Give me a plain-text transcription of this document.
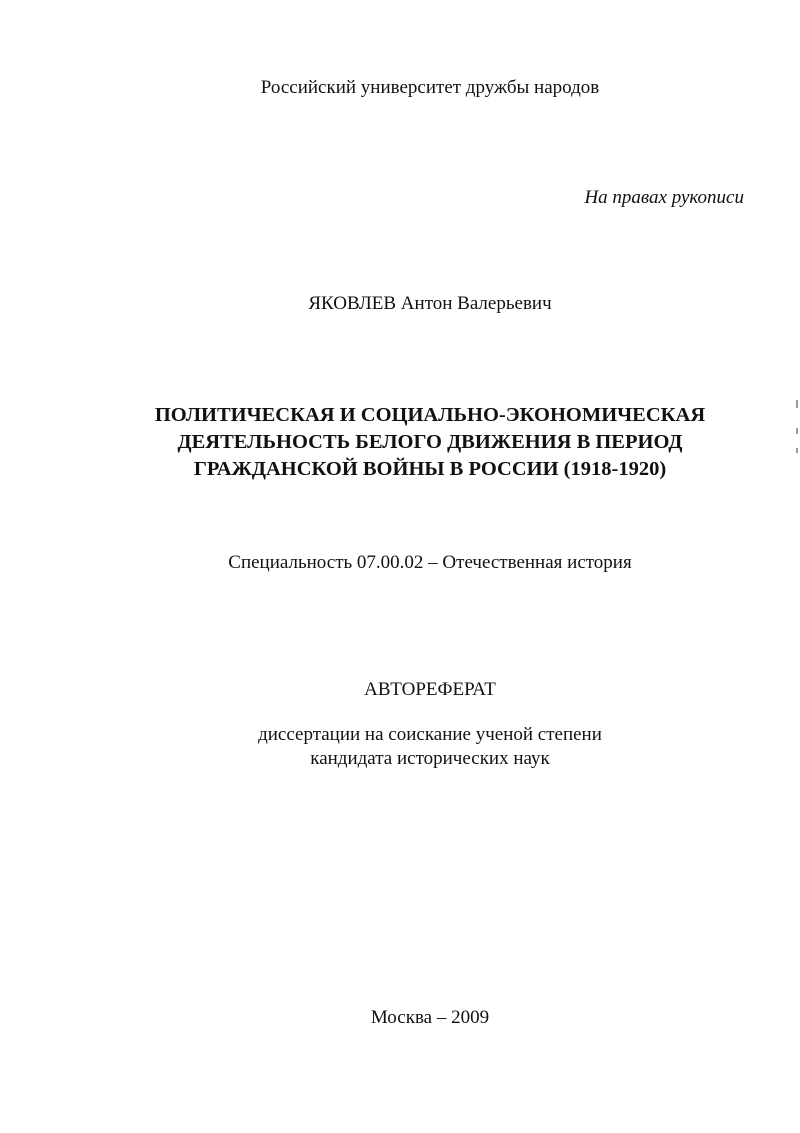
Российский университет дружбы народов
На правах рукописи
ЯКОВЛЕВ Антон Валерьевич
ПОЛИТИЧЕСКАЯ И СОЦИАЛЬНО-ЭКОНОМИЧЕСКАЯ
ДЕЯТЕЛЬНОСТЬ БЕЛОГО ДВИЖЕНИЯ В ПЕРИОД
ГРАЖДАНСКОЙ ВОЙНЫ В РОССИИ (1918-1920)
Специальность 07.00.02 – Отечественная история
АВТОРЕФЕРАТ
диссертации на соискание ученой степени
кандидата исторических наук
Москва – 2009
